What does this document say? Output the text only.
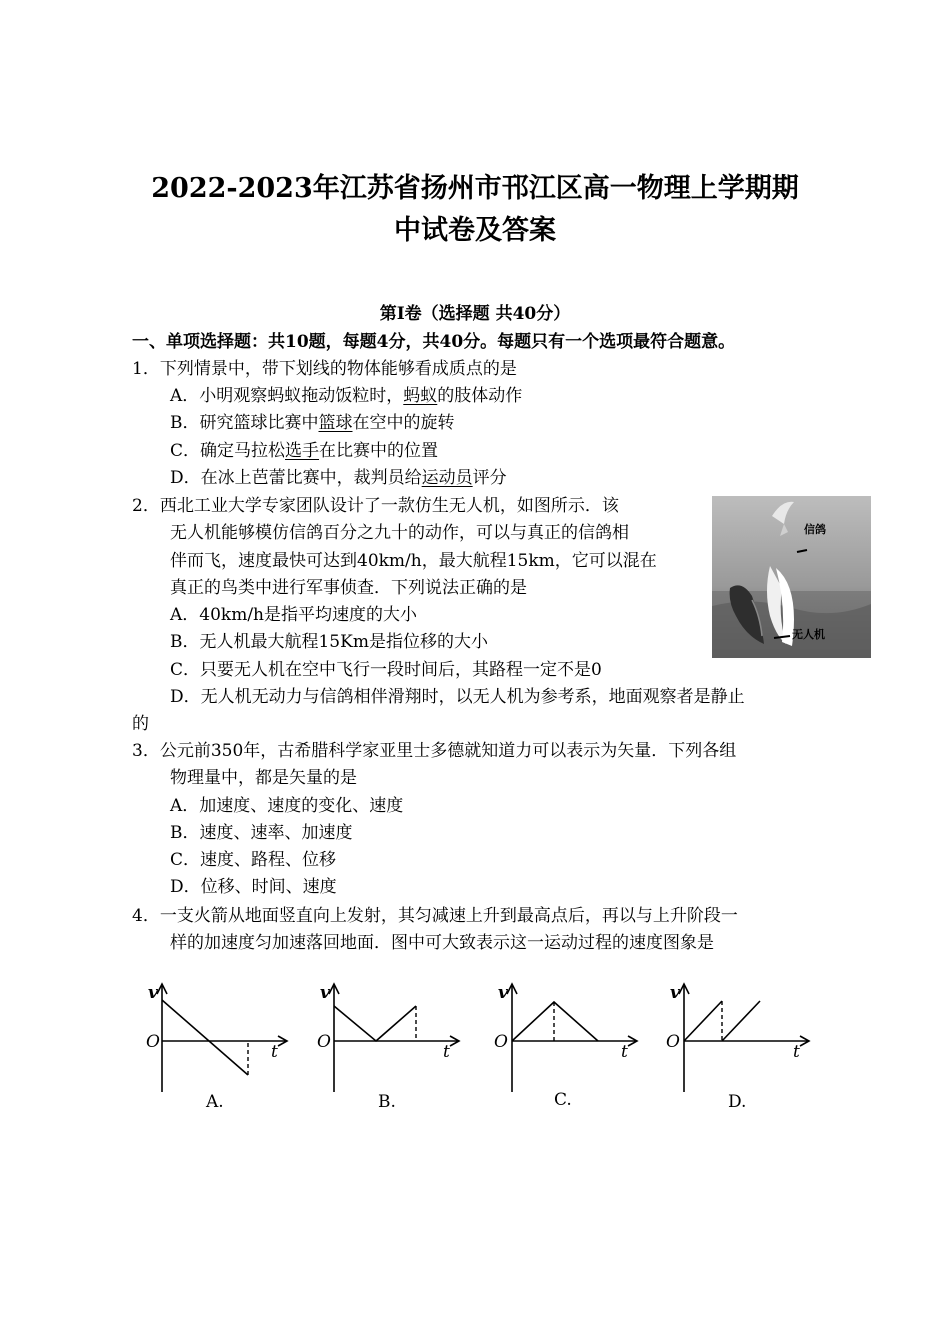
2022-2023年江苏省扬州市邗江区高一物理上学期期
中试卷及答案
第Ⅰ卷（选择题 共40分）
一、单项选择题：共10题，每题4分，共40分。每题只有一个选项最符合题意。
1．下列情景中，带下划线的物体能够看成质点的是
A．小明观察蚂蚁拖动饭粒时，蚂蚁的肢体动作
B．研究篮球比赛中篮球在空中的旋转
C．确定马拉松选手在比赛中的位置
D．在冰上芭蕾比赛中，裁判员给运动员评分
2．西北工业大学专家团队设计了一款仿生无人机，如图所示．该
无人机能够模仿信鸽百分之九十的动作，可以与真正的信鸽相
伴而飞，速度最快可达到40km/h，最大航程15km，它可以混在
真正的鸟类中进行军事侦查．下列说法正确的是
A．40km/h是指平均速度的大小
B．无人机最大航程15Km是指位移的大小
C．只要无人机在空中飞行一段时间后，其路程一定不是0
D．无人机无动力与信鸽相伴滑翔时，以无人机为参考系，地面观察者是静止
的
信鸽
无人机
3．公元前350年，古希腊科学家亚里士多德就知道力可以表示为矢量．下列各组
物理量中，都是矢量的是
A．加速度、速度的变化、速度
B．速度、速率、加速度
C．速度、路程、位移
D．位移、时间、速度
4．一支火箭从地面竖直向上发射，其匀减速上升到最高点后，再以与上升阶段一
样的加速度匀加速落回地面．图中可大致表示这一运动过程的速度图象是
v
O	t
A.
v
O	t
B.
v
O	t
C.
v
O	t
D.
